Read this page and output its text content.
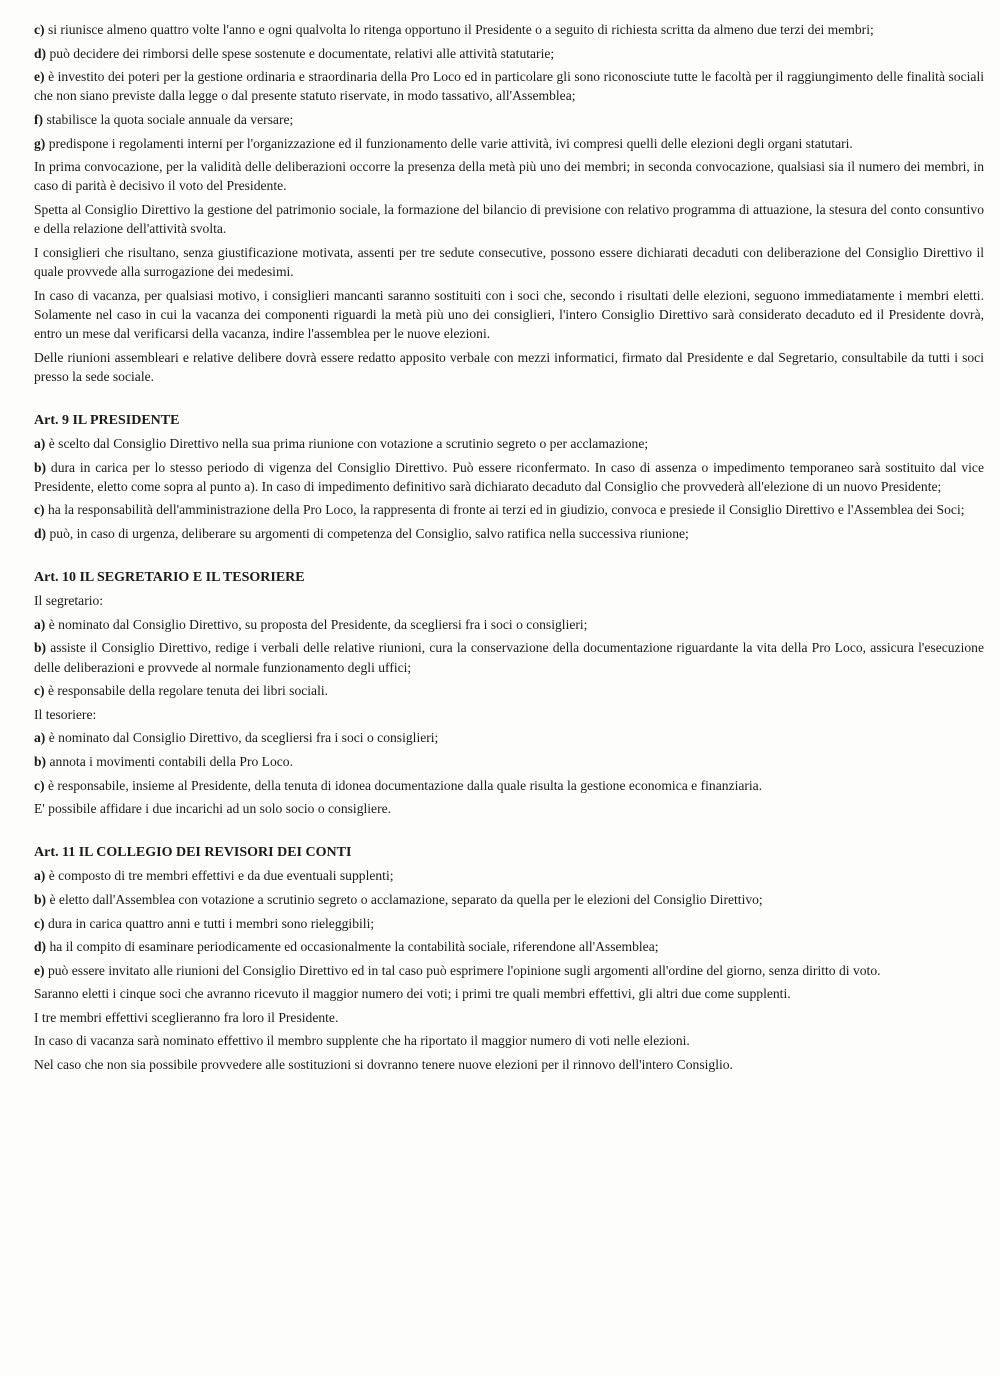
c) si riunisce almeno quattro volte l'anno e ogni qualvolta lo ritenga opportuno il Presidente o a seguito di richiesta scritta da almeno due terzi dei membri;

d) può decidere dei rimborsi delle spese sostenute e documentate, relativi alle attività statutarie;

e) è investito dei poteri per la gestione ordinaria e straordinaria della Pro Loco ed in particolare gli sono riconosciute tutte le facoltà per il raggiungimento delle finalità sociali che non siano previste dalla legge o dal presente statuto riservate, in modo tassativo, all'Assemblea;

f) stabilisce la quota sociale annuale da versare;

g) predispone i regolamenti interni per l'organizzazione ed il funzionamento delle varie attività, ivi compresi quelli delle elezioni degli organi statutari.

In prima convocazione, per la validità delle deliberazioni occorre la presenza della metà più uno dei membri; in seconda convocazione, qualsiasi sia il numero dei membri, in caso di parità è decisivo il voto del Presidente.

Spetta al Consiglio Direttivo la gestione del patrimonio sociale, la formazione del bilancio di previsione con relativo programma di attuazione, la stesura del conto consuntivo e della relazione dell'attività svolta.

I consiglieri che risultano, senza giustificazione motivata, assenti per tre sedute consecutive, possono essere dichiarati decaduti con deliberazione del Consiglio Direttivo il quale provvede alla surrogazione dei medesimi.

In caso di vacanza, per qualsiasi motivo, i consiglieri mancanti saranno sostituiti con i soci che, secondo i risultati delle elezioni, seguono immediatamente i membri eletti. Solamente nel caso in cui la vacanza dei componenti riguardi la metà più uno dei consiglieri, l'intero Consiglio Direttivo sarà considerato decaduto ed il Presidente dovrà, entro un mese dal verificarsi della vacanza, indire l'assemblea per le nuove elezioni.

Delle riunioni assembleari e relative delibere dovrà essere redatto apposito verbale con mezzi informatici, firmato dal Presidente e dal Segretario, consultabile da tutti i soci presso la sede sociale.

Art. 9 IL PRESIDENTE

a) è scelto dal Consiglio Direttivo nella sua prima riunione con votazione a scrutinio segreto o per acclamazione;

b) dura in carica per lo stesso periodo di vigenza del Consiglio Direttivo. Può essere riconfermato. In caso di assenza o impedimento temporaneo sarà sostituito dal vice Presidente, eletto come sopra al punto a). In caso di impedimento definitivo sarà dichiarato decaduto dal Consiglio che provvederà all'elezione di un nuovo Presidente;

c) ha la responsabilità dell'amministrazione della Pro Loco, la rappresenta di fronte ai terzi ed in giudizio, convoca e presiede il Consiglio Direttivo e l'Assemblea dei Soci;

d) può, in caso di urgenza, deliberare su argomenti di competenza del Consiglio, salvo ratifica nella successiva riunione;

Art. 10 IL SEGRETARIO E IL TESORIERE

Il segretario:

a) è nominato dal Consiglio Direttivo, su proposta del Presidente, da scegliersi fra i soci o consiglieri;

b) assiste il Consiglio Direttivo, redige i verbali delle relative riunioni, cura la conservazione della documentazione riguardante la vita della Pro Loco, assicura l'esecuzione delle deliberazioni e provvede al normale funzionamento degli uffici;

c) è responsabile della regolare tenuta dei libri sociali.

Il tesoriere:

a) è nominato dal Consiglio Direttivo, da scegliersi fra i soci o consiglieri;

b) annota i movimenti contabili della Pro Loco.

c) è responsabile, insieme al Presidente, della tenuta di idonea documentazione dalla quale risulta la gestione economica e finanziaria.

E' possibile affidare i due incarichi ad un solo socio o consigliere.

Art. 11 IL COLLEGIO DEI REVISORI DEI CONTI

a) è composto di tre membri effettivi e da due eventuali supplenti;

b) è eletto dall'Assemblea con votazione a scrutinio segreto o acclamazione, separato da quella per le elezioni del Consiglio Direttivo;

c) dura in carica quattro anni e tutti i membri sono rieleggibili;

d) ha il compito di esaminare periodicamente ed occasionalmente la contabilità sociale, riferendone all'Assemblea;

e) può essere invitato alle riunioni del Consiglio Direttivo ed in tal caso può esprimere l'opinione sugli argomenti all'ordine del giorno, senza diritto di voto.

Saranno eletti i cinque soci che avranno ricevuto il maggior numero dei voti; i primi tre quali membri effettivi, gli altri due come supplenti.

I tre membri effettivi sceglieranno fra loro il Presidente.

In caso di vacanza sarà nominato effettivo il membro supplente che ha riportato il maggior numero di voti nelle elezioni.

Nel caso che non sia possibile provvedere alle sostituzioni si dovranno tenere nuove elezioni per il rinnovo dell'intero Consiglio.
